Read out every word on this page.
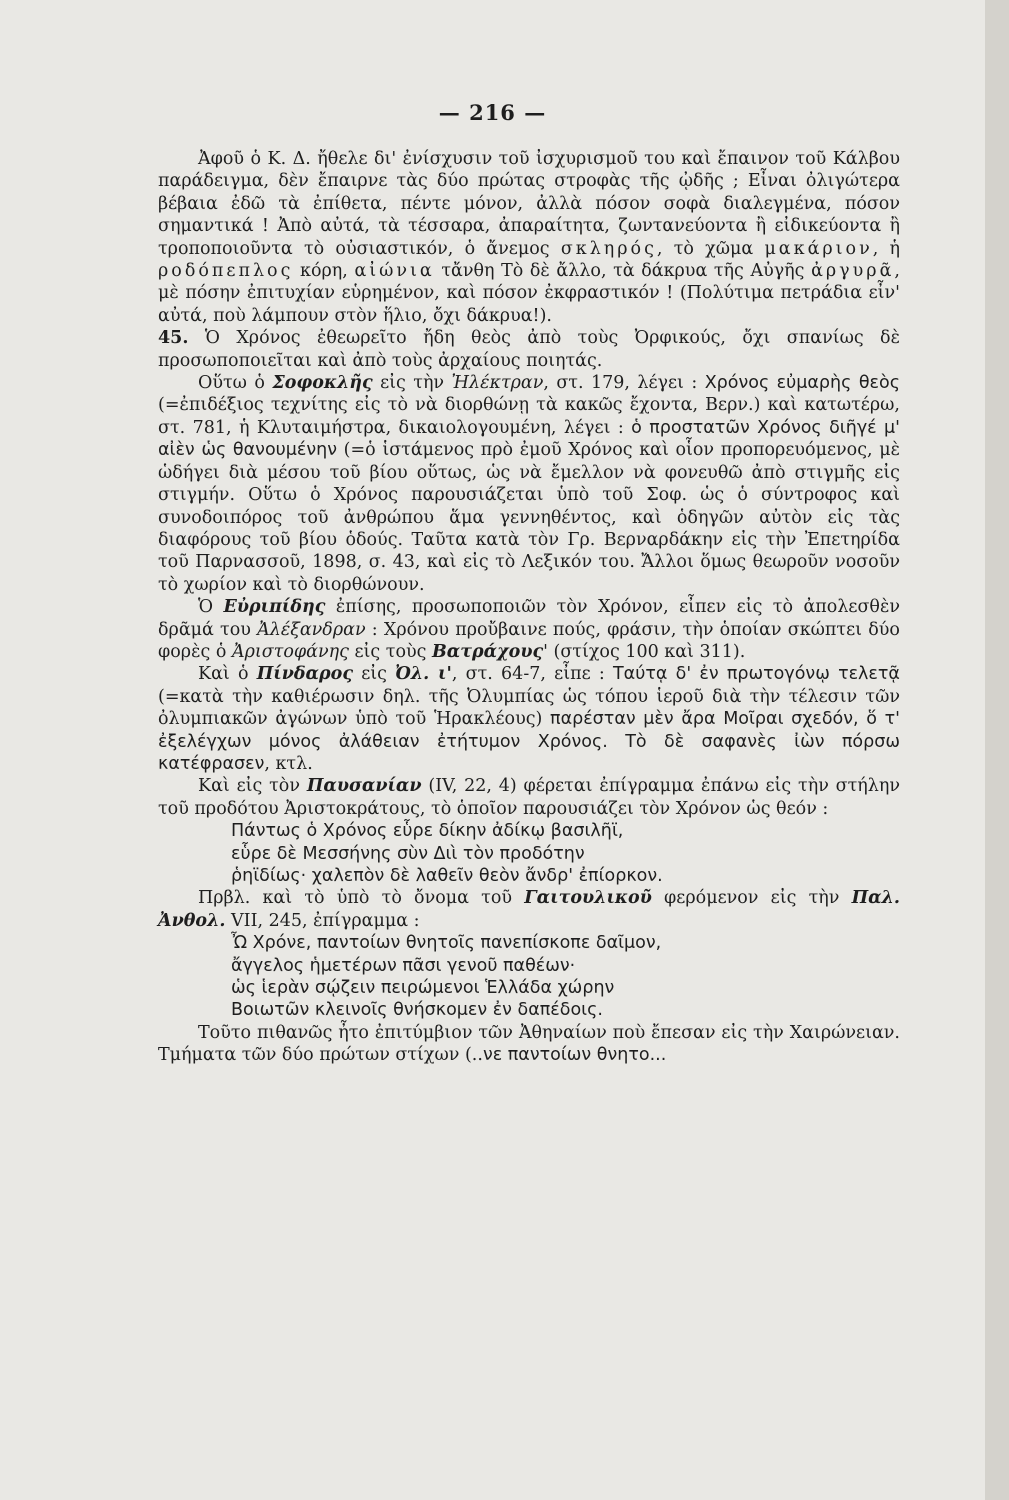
— 216 —

Ἀφοῦ ὁ Κ. Δ. ἤθελε δι' ἐνίσχυσιν τοῦ ἰσχυρισμοῦ του καὶ ἔπαινον τοῦ Κάλβου παράδειγμα, δὲν ἔπαιρνε τὰς δύο πρώτας στροφὰς τῆς ᾠδῆς ; Εἶναι ὀλιγώτερα βέβαια ἐδῶ τὰ ἐπίθετα, πέντε μόνον, ἀλλὰ πόσον σοφὰ διαλεγμένα, πόσον σημαντικά ! Ἀπὸ αὐτά, τὰ τέσσαρα, ἀπαραίτητα, ζωντανεύοντα ἢ εἰδικεύοντα ἢ τροποποιοῦντα τὸ οὐσιαστικόν, ὁ ἄνεμος σκληρός, τὸ χῶμα μακάριον, ἡ ροδόπεπλος κόρη, αἰώνια τἄνθη Τὸ δὲ ἄλλο, τὰ δάκρυα τῆς Αὐγῆς ἀργυρᾶ, μὲ πόσην ἐπιτυχίαν εὑρημένον, καὶ πόσον ἐκφραστικόν ! (Πολύτιμα πετράδια εἶν' αὐτά, ποὺ λάμπουν στὸν ἥλιο, ὄχι δάκρυα!).

45. Ὁ Χρόνος ἐθεωρεῖτο ἤδη θεὸς ἀπὸ τοὺς Ὀρφικούς, ὄχι σπανίως δὲ προσωποποιεῖται καὶ ἀπὸ τοὺς ἀρχαίους ποιητάς.

Οὕτω ὁ Σοφοκλῆς εἰς τὴν Ἠλέκτραν, στ. 179, λέγει : Χρόνος εὐμαρὴς θεὸς (=ἐπιδέξιος τεχνίτης εἰς τὸ νὰ διορθώνῃ τὰ κακῶς ἔχοντα, Βερν.) καὶ κατωτέρω, στ. 781, ἡ Κλυταιμήστρα, δικαιολογουμένη, λέγει : ὁ προστατῶν Χρόνος διῆγέ μ' αἰὲν ὡς θανουμένην (=ὁ ἱστάμενος πρὸ ἐμοῦ Χρόνος καὶ οἷον προπορευόμενος, μὲ ὡδήγει διὰ μέσου τοῦ βίου οὕτως, ὡς νὰ ἔμελλον νὰ φονευθῶ ἀπὸ στιγμῆς εἰς στιγμήν. Οὕτω ὁ Χρόνος παρουσιάζεται ὑπὸ τοῦ Σοφ. ὡς ὁ σύντροφος καὶ συνοδοιπόρος τοῦ ἀνθρώπου ἅμα γεννηθέντος, καὶ ὁδηγῶν αὐτὸν εἰς τὰς διαφόρους τοῦ βίου ὁδούς. Ταῦτα κατὰ τὸν Γρ. Βερναρδάκην εἰς τὴν Ἐπετηρίδα τοῦ Παρνασσοῦ, 1898, σ. 43, καὶ εἰς τὸ Λεξικόν του. Ἄλλοι ὅμως θεωροῦν νοσοῦν τὸ χωρίον καὶ τὸ διορθώνουν.

Ὁ Εὐριπίδης ἐπίσης, προσωποποιῶν τὸν Χρόνον, εἶπεν εἰς τὸ ἀπολεσθὲν δρᾶμά του Ἀλέξανδραν : Χρόνου προὔβαινε πούς, φράσιν, τὴν ὁποίαν σκώπτει δύο φορὲς ὁ Ἀριστοφάνης εἰς τοὺς Βατράχους' (στίχος 100 καὶ 311).

Καὶ ὁ Πίνδαρος εἰς Ὀλ. ι', στ. 64-7, εἶπε : Ταύτᾳ δ' ἐν πρωτογόνῳ τελετᾷ (=κατὰ τὴν καθιέρωσιν δηλ. τῆς Ὀλυμπίας ὡς τόπου ἱεροῦ διὰ τὴν τέλεσιν τῶν ὀλυμπιακῶν ἀγώνων ὑπὸ τοῦ Ἡρακλέους) παρέσταν μὲν ἄρα Μοῖραι σχεδόν, ὅ τ' ἐξελέγχων μόνος ἀλάθειαν ἐτήτυμον Χρόνος. Τὸ δὲ σαφανὲς ἰὼν πόρσω κατέφρασεν, κτλ.

Καὶ εἰς τὸν Παυσανίαν (IV, 22, 4) φέρεται ἐπίγραμμα ἐπάνω εἰς τὴν στήλην τοῦ προδότου Ἀριστοκράτους, τὸ ὁποῖον παρουσιάζει τὸν Χρόνον ὡς θεόν :

Πάντως ὁ Χρόνος εὗρε δίκην ἀδίκῳ βασιλῆϊ,
εὗρε δὲ Μεσσήνης σὺν Διὶ τὸν προδότην
ῥηϊδίως· χαλεπὸν δὲ λαθεῖν θεὸν ἄνδρ' ἐπίορκον.

Πρβλ. καὶ τὸ ὑπὸ τὸ ὄνομα τοῦ Γαιτουλικοῦ φερόμενον εἰς τὴν Παλ. Ἀνθολ. VII, 245, ἐπίγραμμα :

Ὦ Χρόνε, παντοίων θνητοῖς πανεπίσκοπε δαῖμον,
ἄγγελος ἡμετέρων πᾶσι γενοῦ παθέων·
ὡς ἱερὰν σῴζειν πειρώμενοι Ἑλλάδα χώρην
Βοιωτῶν κλεινοῖς θνήσκομεν ἐν δαπέδοις.

Τοῦτο πιθανῶς ἦτο ἐπιτύμβιον τῶν Ἀθηναίων ποὺ ἔπεσαν εἰς τὴν Χαιρώνειαν. Τμήματα τῶν δύο πρώτων στίχων (..νε παντοίων θνητο...
